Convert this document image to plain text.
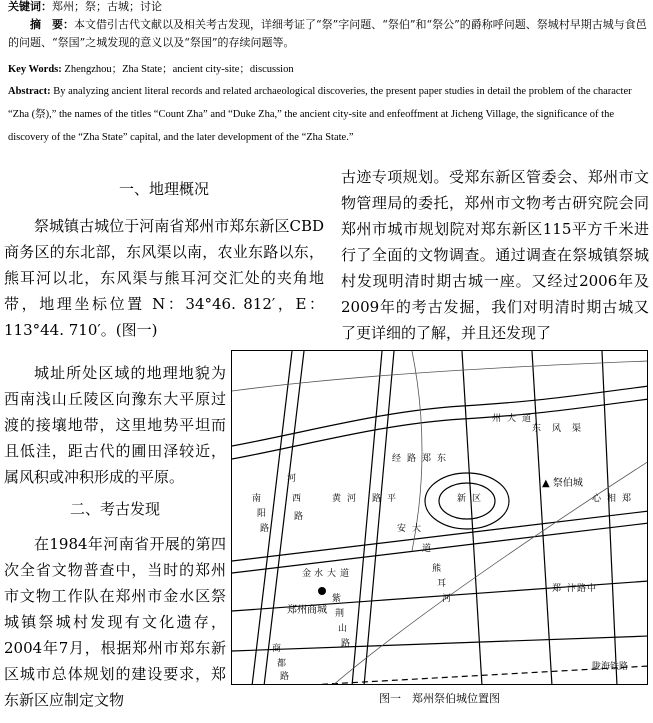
关键词：郑州；祭；古城；讨论
摘　要：本文借引古代文献以及相关考古发现，详细考证了“祭”字问题、“祭伯”和“祭公”的爵称呼问题、祭城村早期古城与食邑的问题、“祭国”之城发现的意义以及“祭国”的存续问题等。
Key Words: Zhengzhou；Zha State；ancient city-site；discussion
Abstract: By analyzing ancient literal records and related archaeological discoveries, the present paper studies in detail the problem of the character “Zha (祭),” the names of the titles “Count Zha” and “Duke Zha,” the ancient city-site and enfeoffment at Jicheng Village, the significance of the discovery of the “Zha State” capital, and the later development of the “Zha State.”
一、地理概况

祭城镇古城位于河南省郑州市郑东新区CBD商务区的东北部，东风渠以南，农业东路以东，熊耳河以北，东风渠与熊耳河交汇处的夹角地带，地理坐标位置 N：34°46. 812′，E：113°44. 710′。(图一)

城址所处区域的地理地貌为西南浅山丘陵区向豫东大平原过渡的接壤地带，这里地势平坦而且低洼，距古代的圃田泽较近，属风积或冲积形成的平原。

二、考古发现

在1984年河南省开展的第四次全省文物普查中，当时的郑州市文物工作队在郑州市金水区祭城镇祭城村发现有文化遗存，2004年7月，根据郑州市郑东新区城市总体规划的建设要求，郑东新区应制定文物

古迹专项规划。受郑东新区管委会、郑州市文物管理局的委托，郑州市文物考古研究院会同郑州市城市规划院对郑东新区115平方千米进行了全面的文物调查。通过调查在祭城镇祭城村发现明清时期古城一座。又经过2006年及2009年的考古发掘，我们对明清时期古城又了更详细的了解，并且还发现了

郑州商城
▲ 祭伯城
陇海铁路
南
阳
路
河
西
路
金 水 大 道
紫
荆
山
路
经 路 郑 东
新 区
商
都
路
黄 河 路 平
安 大
道
熊
耳
河
东 风 渠
郑 汴 路 中
州 大 道
心 相 郑
图一　郑州祭伯城位置图
